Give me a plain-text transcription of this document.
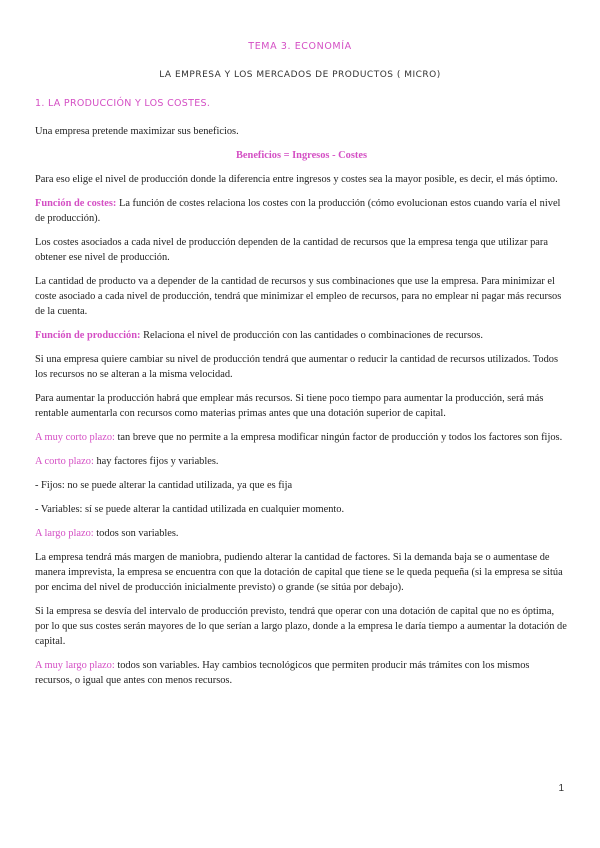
TEMA 3. ECONOMÍA
LA EMPRESA Y LOS MERCADOS DE PRODUCTOS ( MICRO)
1. LA PRODUCCIÓN Y LOS COSTES.

Una empresa pretende maximizar sus beneficios.

Beneficios = Ingresos - Costes

Para eso elige el nivel de producción donde la diferencia entre ingresos y costes sea la mayor posible, es decir, el más óptimo.

Función de costes: La función de costes relaciona los costes con la producción (cómo evolucionan estos cuando varía el nivel de producción).

Los costes asociados a cada nivel de producción dependen de la cantidad de recursos que la empresa tenga que utilizar para obtener ese nivel de producción.

La cantidad de producto va a depender de la cantidad de recursos y sus combinaciones que use la empresa. Para minimizar el coste asociado a cada nivel de producción, tendrá que minimizar el empleo de recursos, para no emplear ni pagar más recursos de la cuenta.

Función de producción: Relaciona el nivel de producción con las cantidades o combinaciones de recursos.

Si una empresa quiere cambiar su nivel de producción tendrá que aumentar o reducir la cantidad de recursos utilizados. Todos los recursos no se alteran a la misma velocidad.

Para aumentar la producción habrá que emplear más recursos. Si tiene poco tiempo para aumentar la producción, será más rentable aumentarla con recursos como materias primas antes que una dotación superior de capital.

A muy corto plazo: tan breve que no permite a la empresa modificar ningún factor de producción y todos los factores son fijos.

A corto plazo: hay factores fijos y variables.

- Fijos: no se puede alterar la cantidad utilizada, ya que es fija

- Variables: sí se puede alterar la cantidad utilizada en cualquier momento.

A largo plazo: todos son variables.

La empresa tendrá más margen de maniobra, pudiendo alterar la cantidad de factores. Si la demanda baja se o aumentase de manera imprevista, la empresa se encuentra con que la dotación de capital que tiene se le queda pequeña (si la empresa se sitúa por encima del nivel de producción inicialmente previsto) o grande (se sitúa por debajo).

Si la empresa se desvía del intervalo de producción previsto, tendrá que operar con una dotación de capital que no es óptima, por lo que sus costes serán mayores de lo que serían a largo plazo, donde a la empresa le daría tiempo a aumentar la dotación de capital.

A muy largo plazo: todos son variables. Hay cambios tecnológicos que permiten producir más trámites con los mismos recursos, o igual que antes con menos recursos.

1
